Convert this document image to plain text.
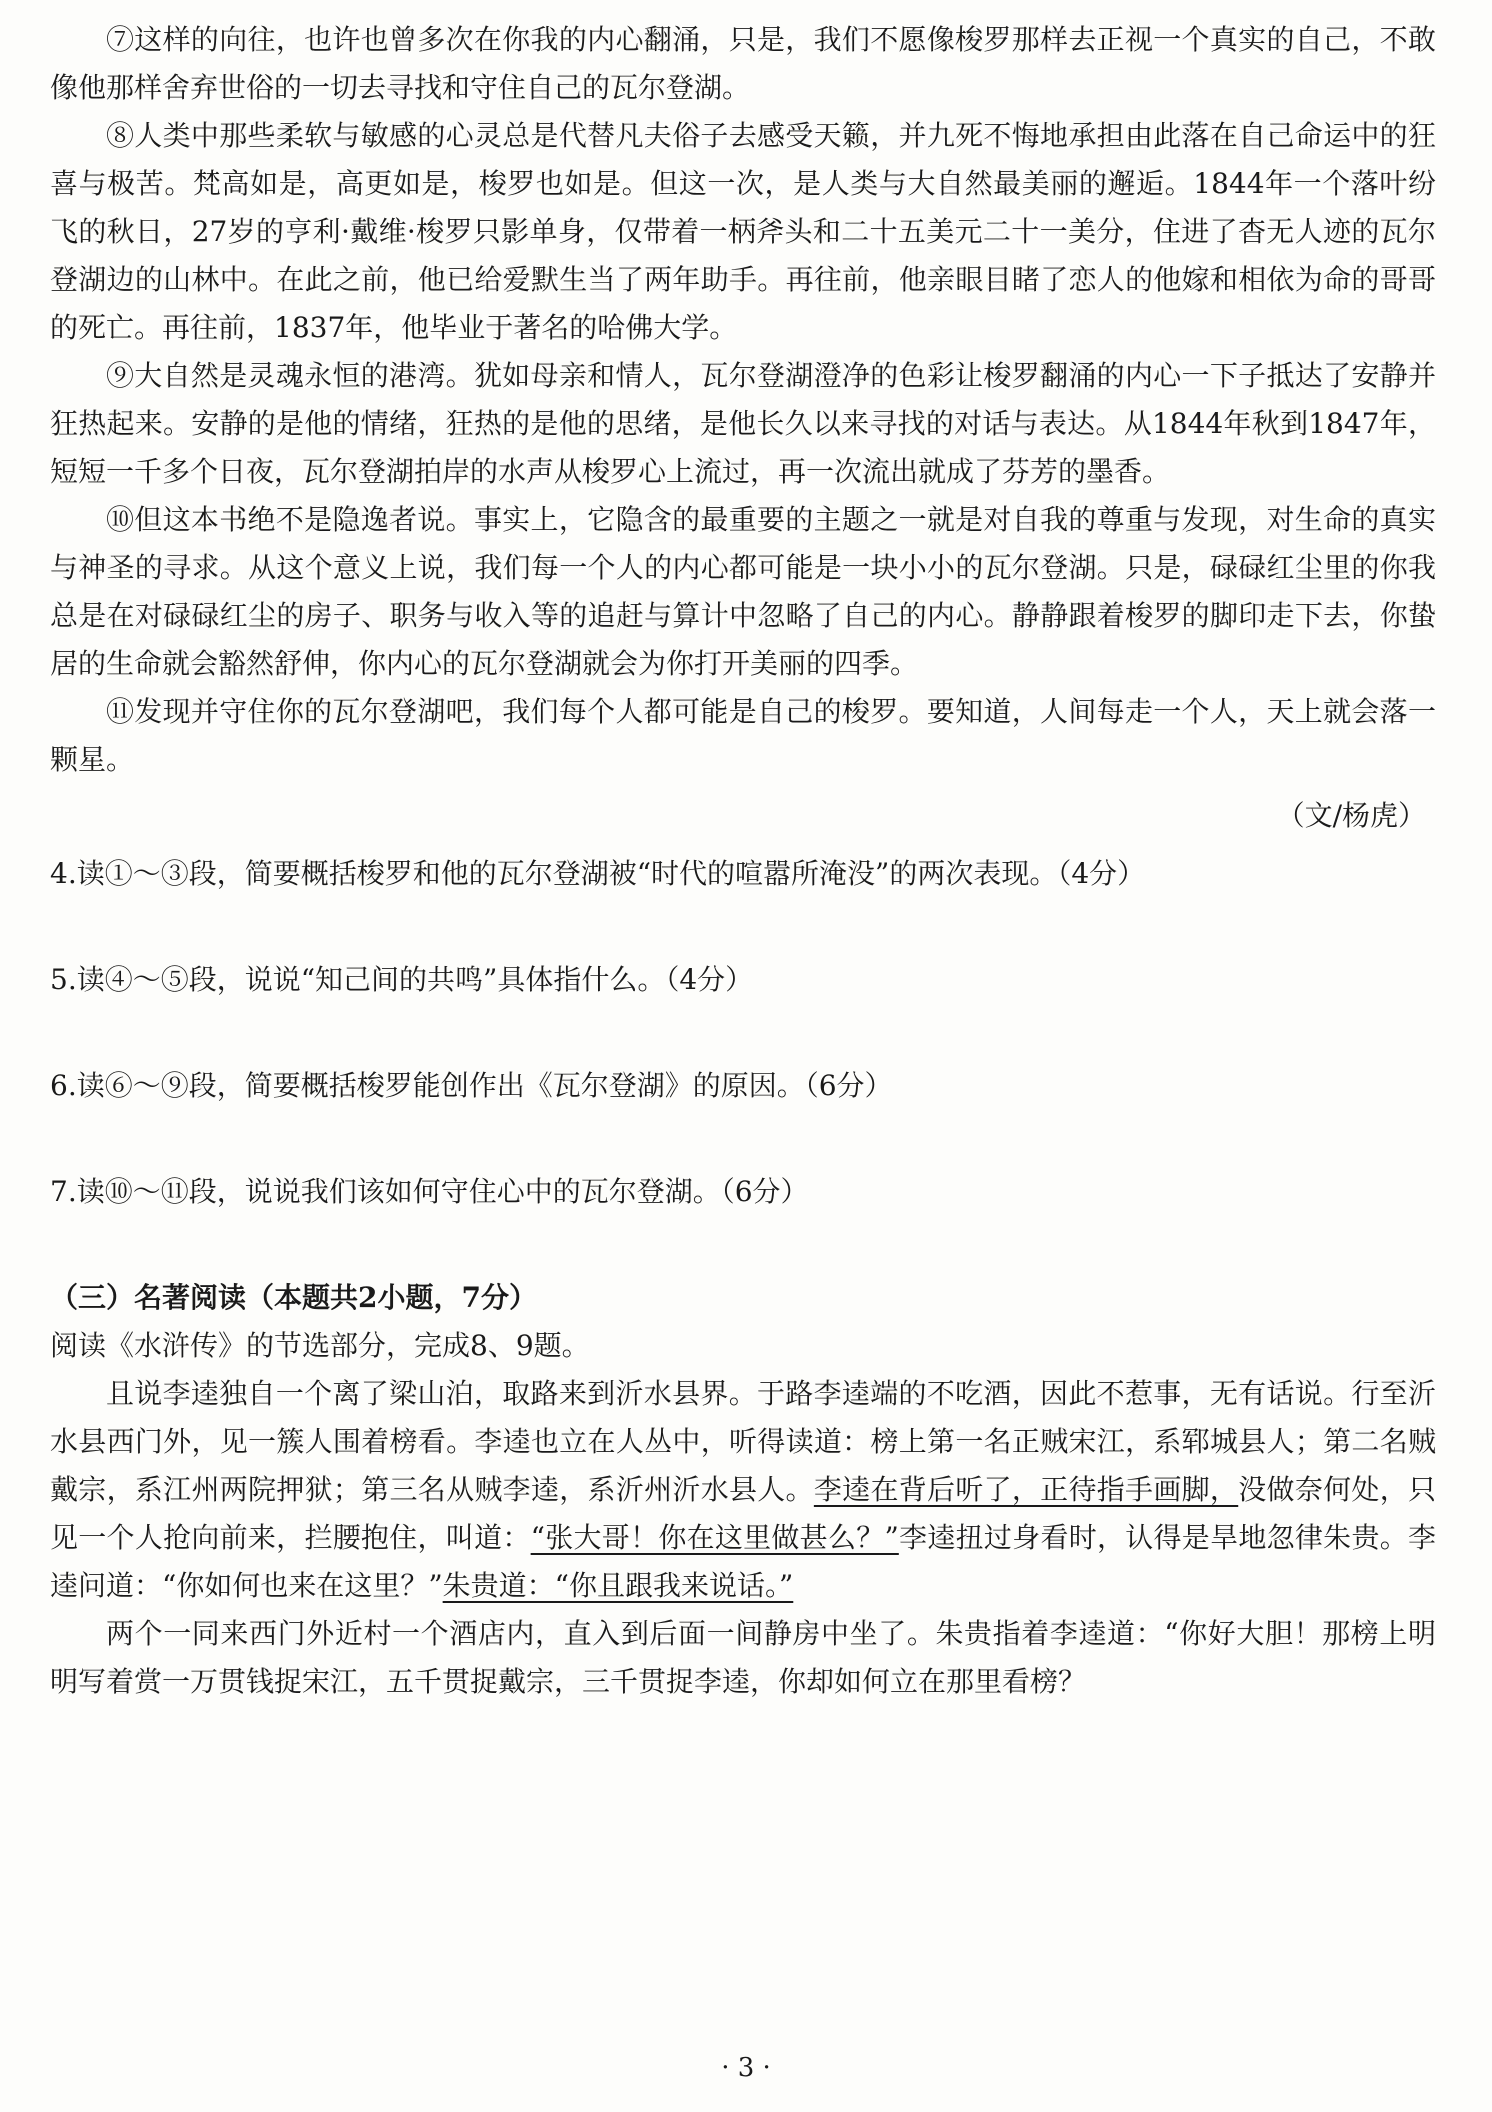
⑦这样的向往，也许也曾多次在你我的内心翻涌，只是，我们不愿像梭罗那样去正视一个真实的自己，不敢像他那样舍弃世俗的一切去寻找和守住自己的瓦尔登湖。

⑧人类中那些柔软与敏感的心灵总是代替凡夫俗子去感受天籁，并九死不悔地承担由此落在自己命运中的狂喜与极苦。梵高如是，高更如是，梭罗也如是。但这一次，是人类与大自然最美丽的邂逅。1844年一个落叶纷飞的秋日，27岁的亨利·戴维·梭罗只影单身，仅带着一柄斧头和二十五美元二十一美分，住进了杳无人迹的瓦尔登湖边的山林中。在此之前，他已给爱默生当了两年助手。再往前，他亲眼目睹了恋人的他嫁和相依为命的哥哥的死亡。再往前，1837年，他毕业于著名的哈佛大学。

⑨大自然是灵魂永恒的港湾。犹如母亲和情人，瓦尔登湖澄净的色彩让梭罗翻涌的内心一下子抵达了安静并狂热起来。安静的是他的情绪，狂热的是他的思绪，是他长久以来寻找的对话与表达。从1844年秋到1847年，短短一千多个日夜，瓦尔登湖拍岸的水声从梭罗心上流过，再一次流出就成了芬芳的墨香。

⑩但这本书绝不是隐逸者说。事实上，它隐含的最重要的主题之一就是对自我的尊重与发现，对生命的真实与神圣的寻求。从这个意义上说，我们每一个人的内心都可能是一块小小的瓦尔登湖。只是，碌碌红尘里的你我总是在对碌碌红尘的房子、职务与收入等的追赶与算计中忽略了自己的内心。静静跟着梭罗的脚印走下去，你蛰居的生命就会豁然舒伸，你内心的瓦尔登湖就会为你打开美丽的四季。

⑪发现并守住你的瓦尔登湖吧，我们每个人都可能是自己的梭罗。要知道，人间每走一个人，天上就会落一颗星。

（文/杨虎）

4.读①～③段，简要概括梭罗和他的瓦尔登湖被“时代的喧嚣所淹没”的两次表现。（4分）

5.读④～⑤段，说说“知己间的共鸣”具体指什么。（4分）

6.读⑥～⑨段，简要概括梭罗能创作出《瓦尔登湖》的原因。（6分）

7.读⑩～⑪段，说说我们该如何守住心中的瓦尔登湖。（6分）

（三）名著阅读（本题共2小题，7分）

阅读《水浒传》的节选部分，完成8、9题。

且说李逵独自一个离了梁山泊，取路来到沂水县界。于路李逵端的不吃酒，因此不惹事，无有话说。行至沂水县西门外，见一簇人围着榜看。李逵也立在人丛中，听得读道：榜上第一名正贼宋江，系郓城县人；第二名贼戴宗，系江州两院押狱；第三名从贼李逵，系沂州沂水县人。李逵在背后听了，正待指手画脚，没做奈何处，只见一个人抢向前来，拦腰抱住，叫道：“张大哥！你在这里做甚么？”李逵扭过身看时，认得是旱地忽律朱贵。李逵问道：“你如何也来在这里？”朱贵道：“你且跟我来说话。”

两个一同来西门外近村一个酒店内，直入到后面一间静房中坐了。朱贵指着李逵道：“你好大胆！那榜上明明写着赏一万贯钱捉宋江，五千贯捉戴宗，三千贯捉李逵，你却如何立在那里看榜？

· 3 ·
